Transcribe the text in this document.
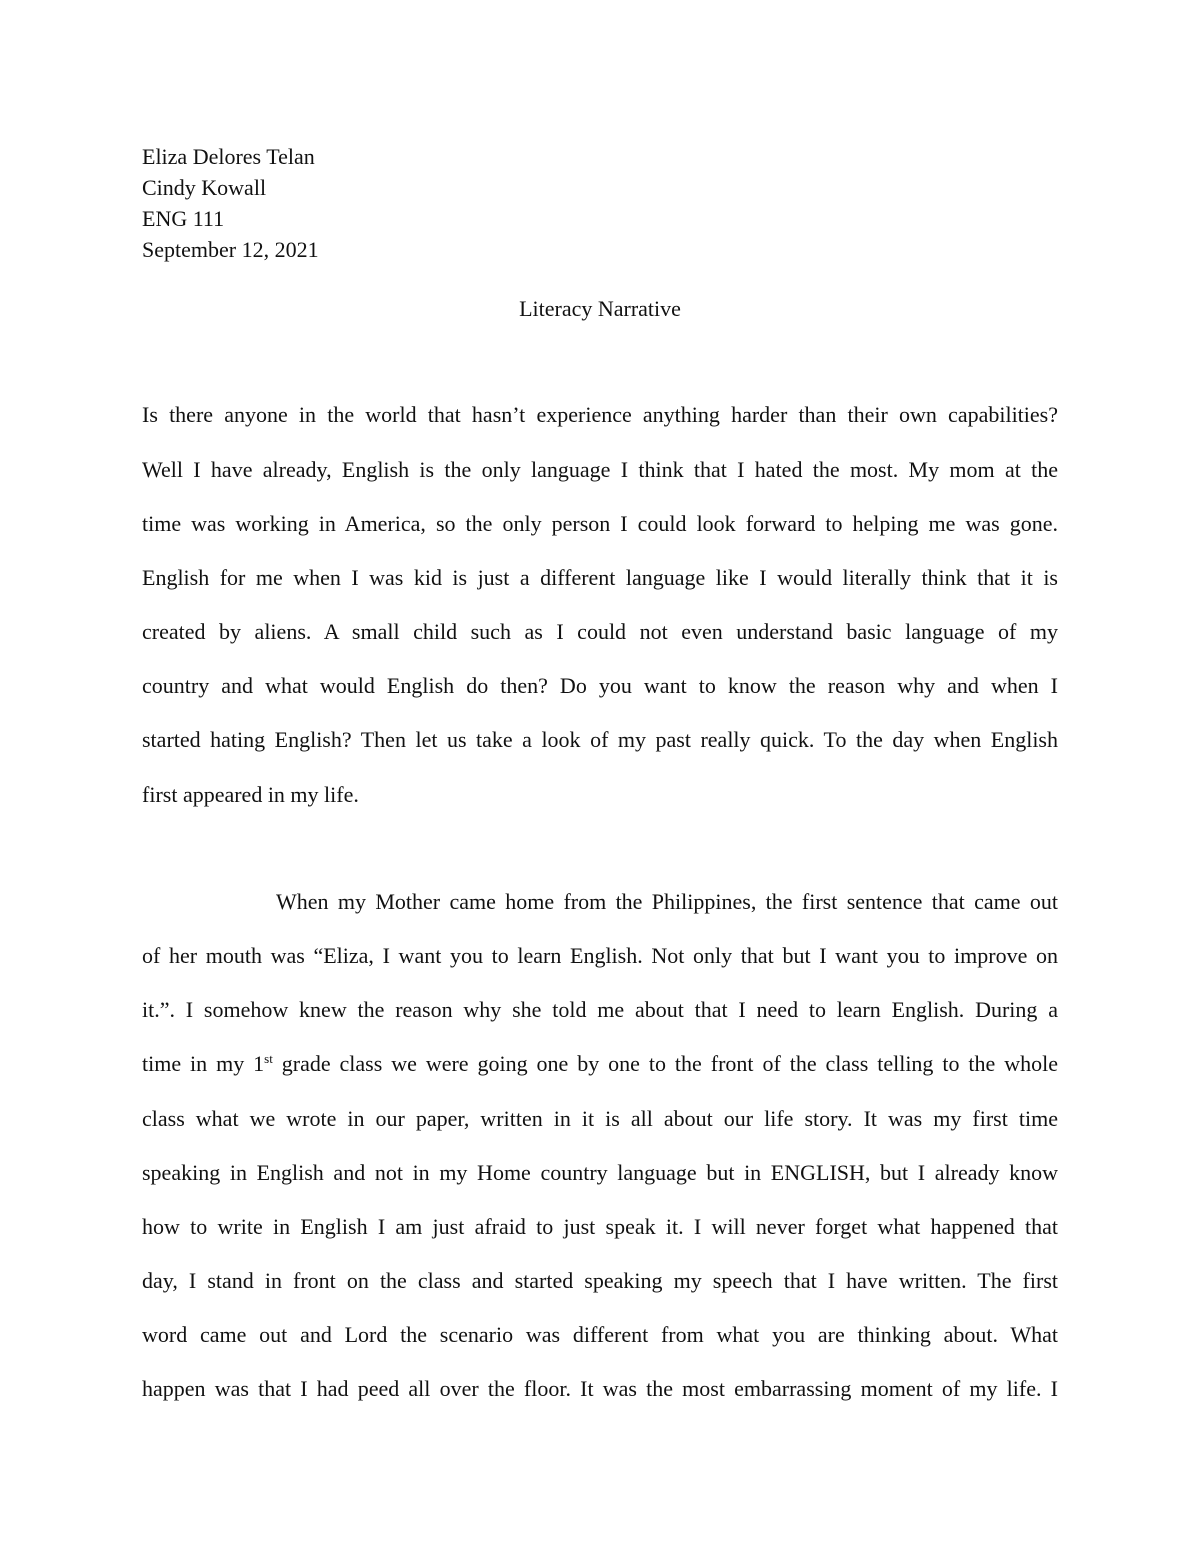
Eliza Delores Telan
Cindy Kowall
ENG 111
September 12, 2021
Literacy Narrative
Is there anyone in the world that hasn’t experience anything harder than their own capabilities?
Well I have already, English is the only language I think that I hated the most. My mom at the
time was working in America, so the only person I could look forward to helping me was gone.
English for me when I was kid is just a different language like I would literally think that it is
created by aliens. A small child such as I could not even understand basic language of my
country and what would English do then? Do you want to know the reason why and when I
started hating English? Then let us take a look of my past really quick. To the day when English
first appeared in my life.
When my Mother came home from the Philippines, the first sentence that came out
of her mouth was “Eliza, I want you to learn English. Not only that but I want you to improve on
it.”. I somehow knew the reason why she told me about that I need to learn English. During a
time in my 1st grade class we were going one by one to the front of the class telling to the whole
class what we wrote in our paper, written in it is all about our life story. It was my first time
speaking in English and not in my Home country language but in ENGLISH, but I already know
how to write in English I am just afraid to just speak it. I will never forget what happened that
day, I stand in front on the class and started speaking my speech that I have written. The first
word came out and Lord the scenario was different from what you are thinking about. What
happen was that I had peed all over the floor. It was the most embarrassing moment of my life. I
